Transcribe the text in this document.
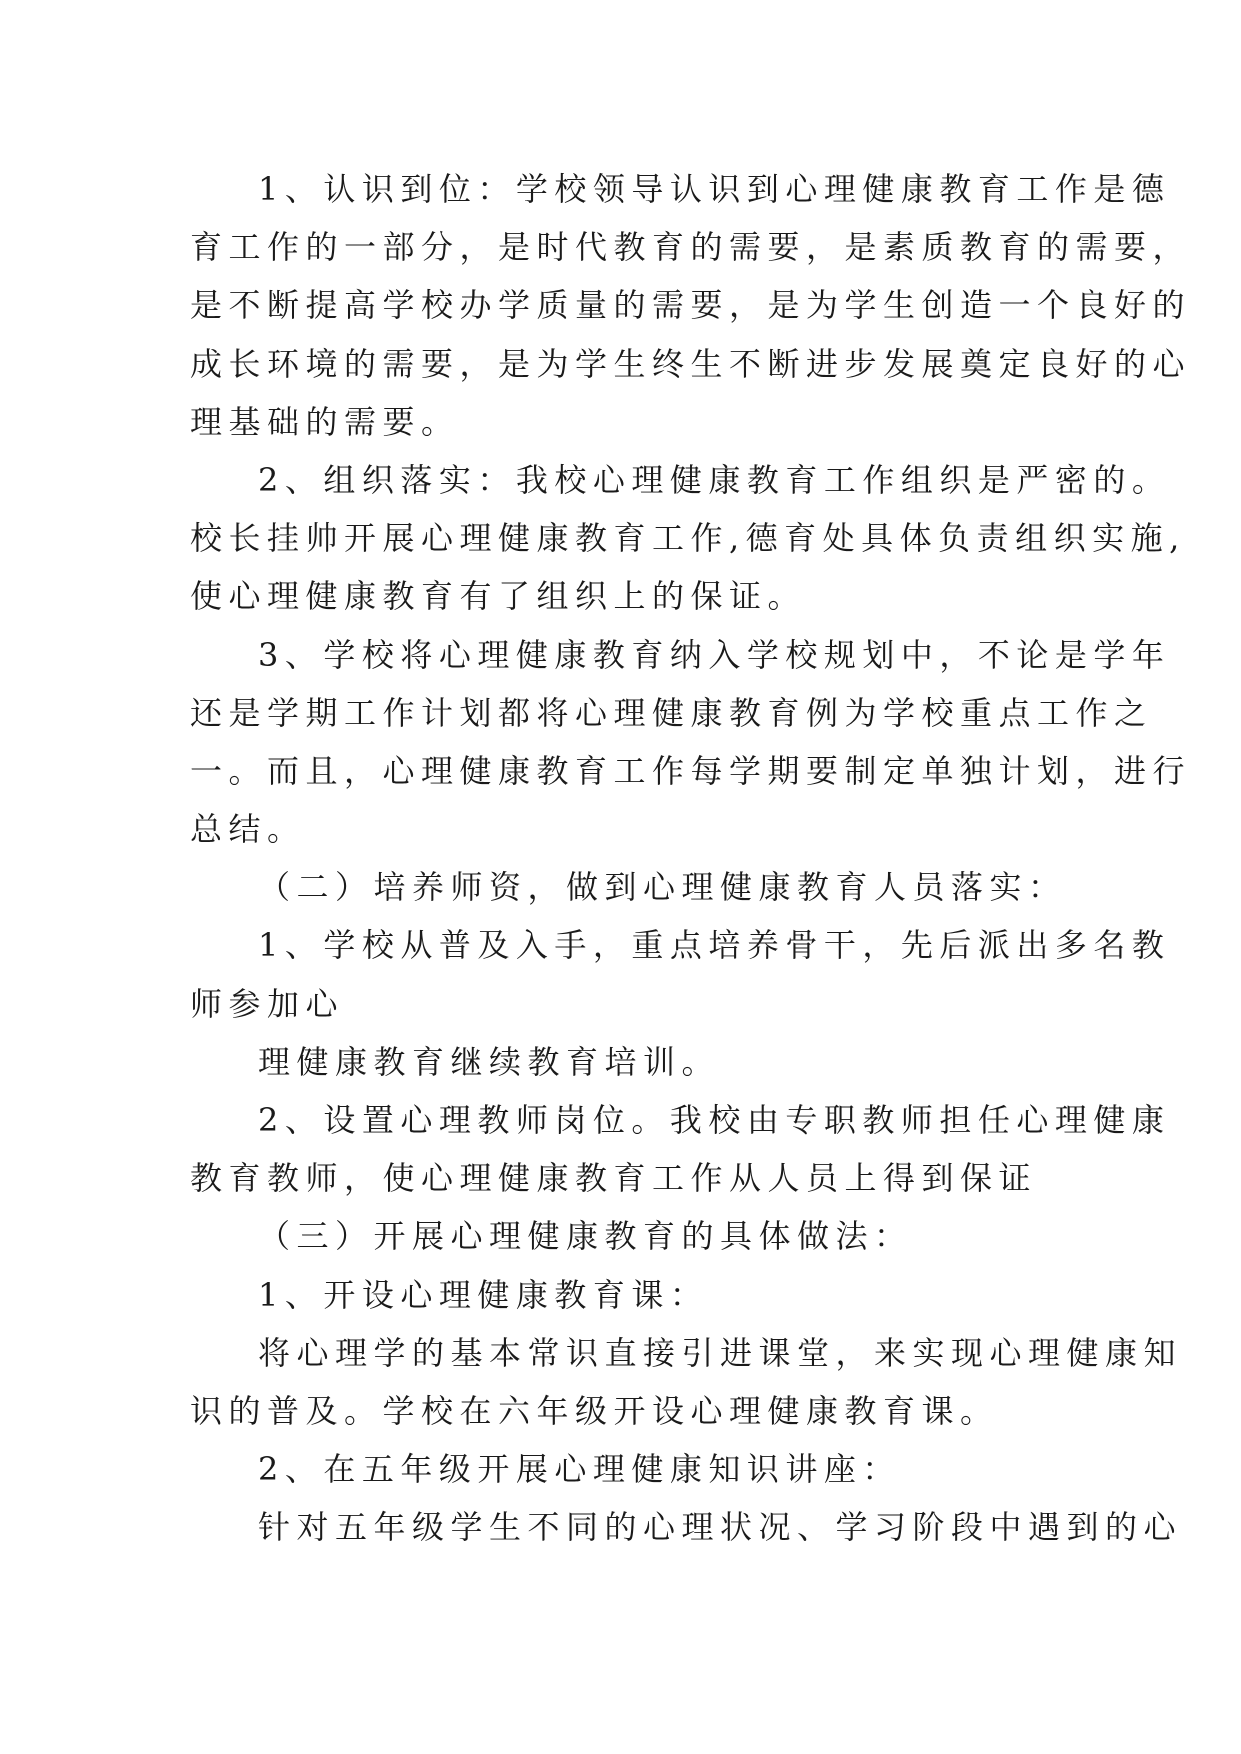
1、认识到位：学校领导认识到心理健康教育工作是德
育工作的一部分，是时代教育的需要，是素质教育的需要，
是不断提高学校办学质量的需要，是为学生创造一个良好的
成长环境的需要，是为学生终生不断进步发展奠定良好的心
理基础的需要。
2、组织落实：我校心理健康教育工作组织是严密的。
校长挂帅开展心理健康教育工作,德育处具体负责组织实施,
使心理健康教育有了组织上的保证。
3、学校将心理健康教育纳入学校规划中，不论是学年
还是学期工作计划都将心理健康教育例为学校重点工作之
一。而且，心理健康教育工作每学期要制定单独计划，进行
总结。
（二）培养师资，做到心理健康教育人员落实：
1、学校从普及入手，重点培养骨干，先后派出多名教
师参加心
理健康教育继续教育培训。
2、设置心理教师岗位。我校由专职教师担任心理健康
教育教师，使心理健康教育工作从人员上得到保证
（三）开展心理健康教育的具体做法：
1、开设心理健康教育课：
将心理学的基本常识直接引进课堂，来实现心理健康知
识的普及。学校在六年级开设心理健康教育课。
2、在五年级开展心理健康知识讲座：
针对五年级学生不同的心理状况、学习阶段中遇到的心
